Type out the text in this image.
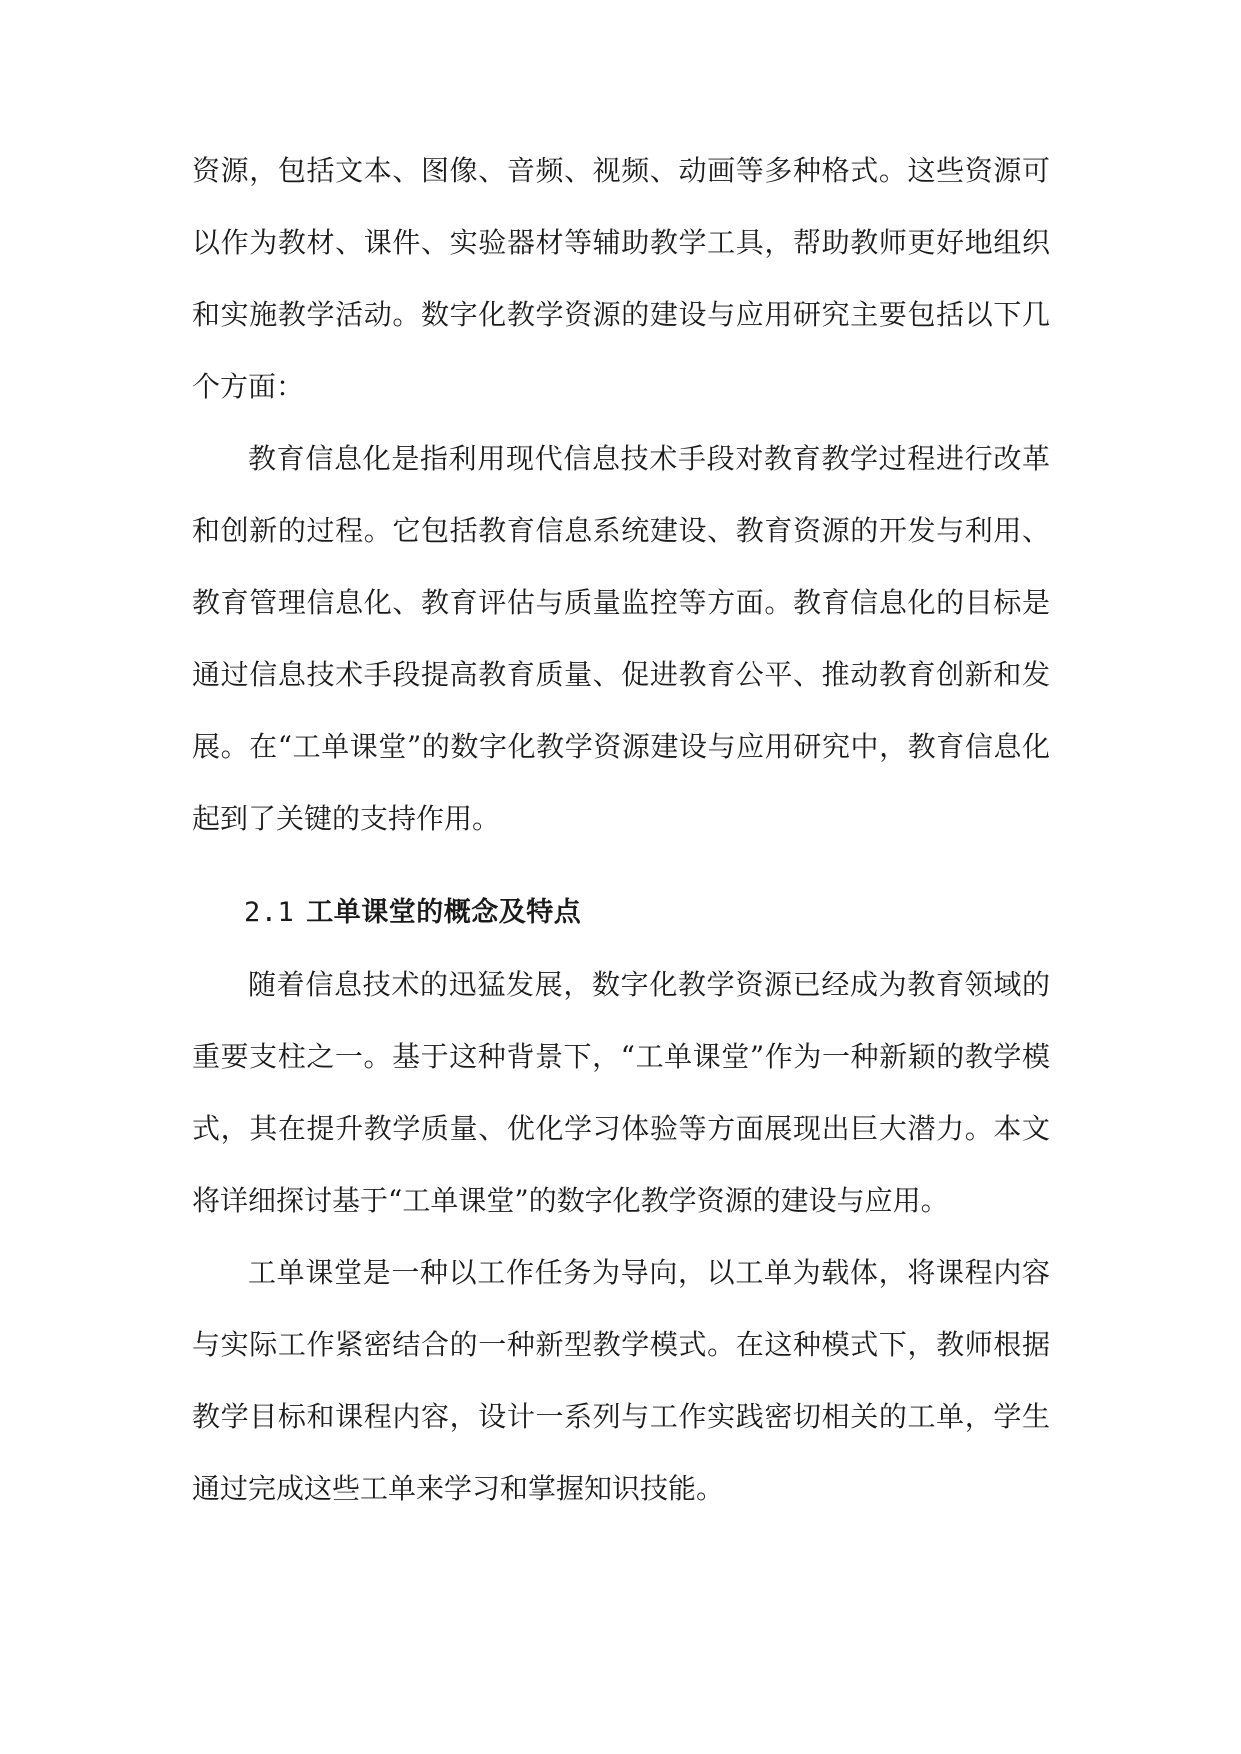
资源，包括文本、图像、音频、视频、动画等多种格式。这些资源可以作为教材、课件、实验器材等辅助教学工具，帮助教师更好地组织和实施教学活动。数字化教学资源的建设与应用研究主要包括以下几个方面：

教育信息化是指利用现代信息技术手段对教育教学过程进行改革和创新的过程。它包括教育信息系统建设、教育资源的开发与利用、教育管理信息化、教育评估与质量监控等方面。教育信息化的目标是通过信息技术手段提高教育质量、促进教育公平、推动教育创新和发展。在“工单课堂”的数字化教学资源建设与应用研究中，教育信息化起到了关键的支持作用。

2.1 工单课堂的概念及特点

随着信息技术的迅猛发展，数字化教学资源已经成为教育领域的重要支柱之一。基于这种背景下，“工单课堂”作为一种新颖的教学模式，其在提升教学质量、优化学习体验等方面展现出巨大潜力。本文将详细探讨基于“工单课堂”的数字化教学资源的建设与应用。

工单课堂是一种以工作任务为导向，以工单为载体，将课程内容与实际工作紧密结合的一种新型教学模式。在这种模式下，教师根据教学目标和课程内容，设计一系列与工作实践密切相关的工单，学生通过完成这些工单来学习和掌握知识技能。
